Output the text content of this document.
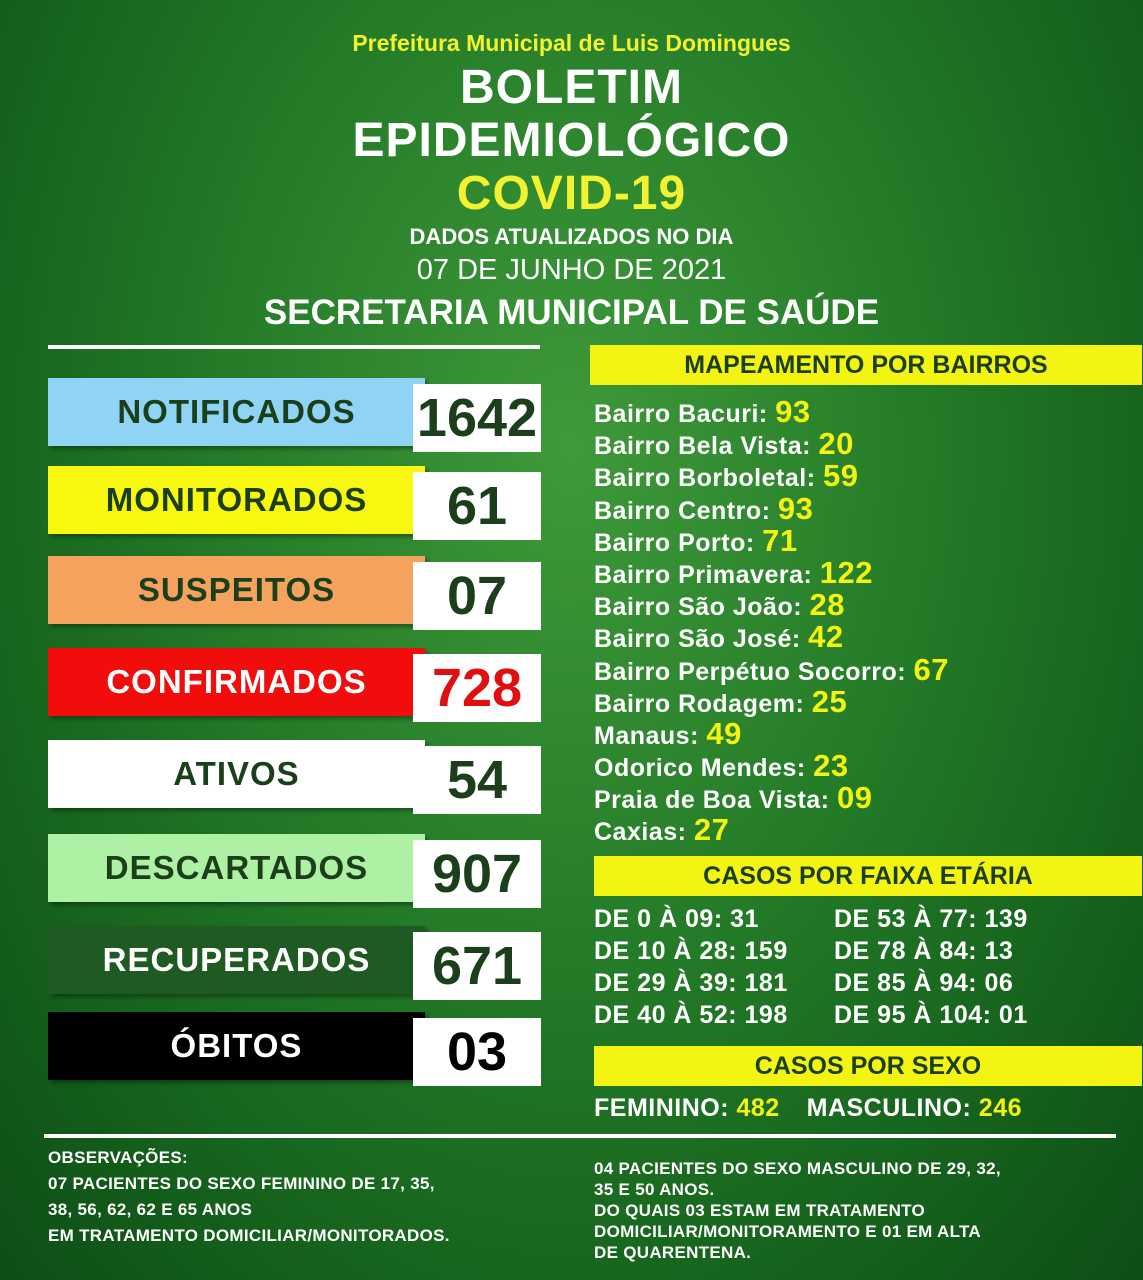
Prefeitura Municipal de Luis Domingues
BOLETIM
EPIDEMIOLÓGICO
COVID-19
DADOS ATUALIZADOS NO DIA
07 DE JUNHO DE 2021
SECRETARIA MUNICIPAL DE SAÚDE
NOTIFICADOS	1642
MONITORADOS	61
SUSPEITOS	07
CONFIRMADOS	728
ATIVOS	54
DESCARTADOS	907
RECUPERADOS	671
ÓBITOS	03
MAPEAMENTO POR BAIRROS
Bairro Bacuri: 93
Bairro Bela Vista: 20
Bairro Borboletal: 59
Bairro Centro: 93
Bairro Porto: 71
Bairro Primavera: 122
Bairro São João: 28
Bairro São José: 42
Bairro Perpétuo Socorro: 67
Bairro Rodagem: 25
Manaus: 49
Odorico Mendes: 23
Praia de Boa Vista: 09
Caxias: 27
CASOS POR FAIXA ETÁRIA
DE 0 À 09: 31	DE 53 À 77: 139
DE 10 À 28: 159 DE 78 À 84: 13
DE 29 À 39: 181 DE 85 À 94: 06
DE 40 À 52: 198 DE 95 À 104: 01
CASOS POR SEXO
FEMININO: 482 MASCULINO: 246
OBSERVAÇÕES:
07 PACIENTES DO SEXO FEMININO DE 17, 35,
38, 56, 62, 62 E 65 ANOS
EM TRATAMENTO DOMICILIAR/MONITORADOS.
04 PACIENTES DO SEXO MASCULINO DE 29, 32,
35 E 50 ANOS.
DO QUAIS 03 ESTAM EM TRATAMENTO
DOMICILIAR/MONITORAMENTO E 01 EM ALTA
DE QUARENTENA.
